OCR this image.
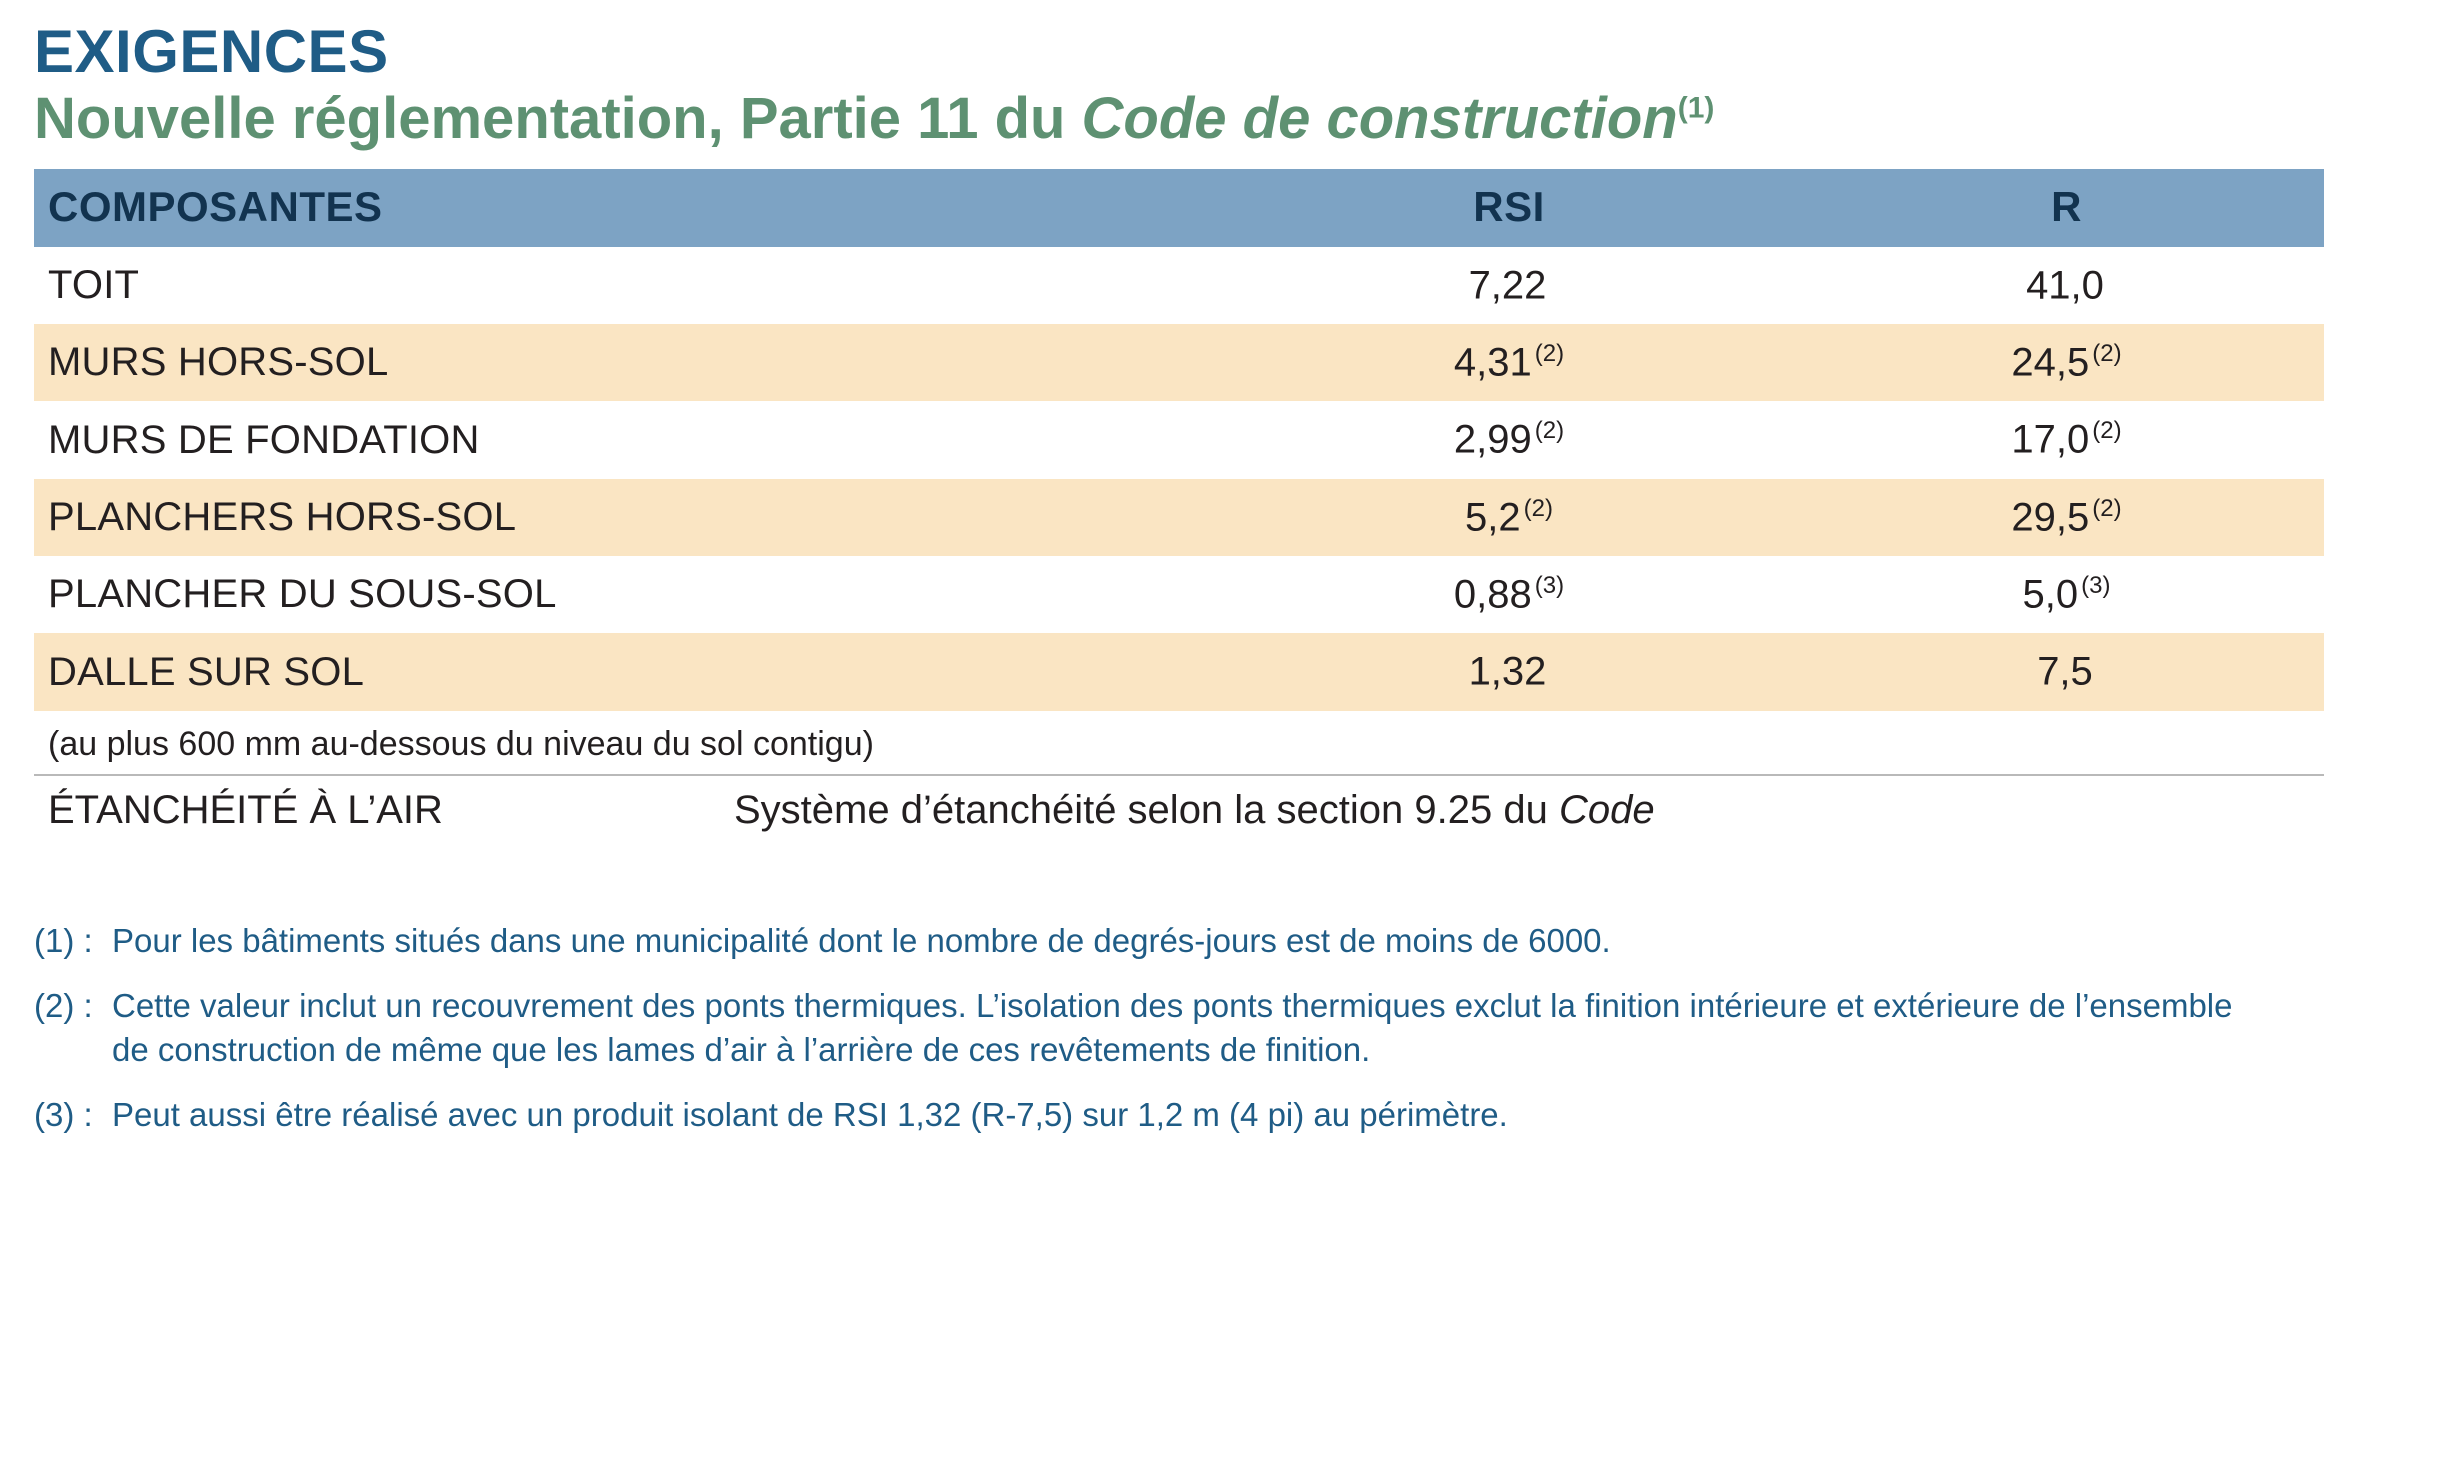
EXIGENCES
Nouvelle réglementation, Partie 11 du Code de construction$^{(1)}$
COMPOSANTES	RSI	R
TOIT	7,22	41,0
MURS HORS-SOL	4,31 $^{(2)}$	24,5 $^{(2)}$
MURS DE FONDATION	2,99 $^{(2)}$	17,0 $^{(2)}$
PLANCHERS HORS-SOL	5,2 $^{(2)}$	29,5 $^{(2)}$
PLANCHER DU SOUS-SOL	0,88 $^{(3)}$	5,0 $^{(3)}$
DALLE SUR SOL	1,32	7,5
(au plus 600 mm au-dessous du niveau du sol contigu)
ÉTANCHÉITÉ À L’AIR	Système d’étanchéité selon la section 9.25 du Code
(1) : Pour les bâtiments situés dans une municipalité dont le nombre de degrés-jours est de moins de 6000.
(2) : Cette valeur inclut un recouvrement des ponts thermiques. L’isolation des ponts thermiques exclut la finition intérieure et extérieure de l’ensemble de construction de même que les lames d’air à l’arrière de ces revêtements de finition.
(3) : Peut aussi être réalisé avec un produit isolant de RSI 1,32 (R-7,5) sur 1,2 m (4 pi) au périmètre.
